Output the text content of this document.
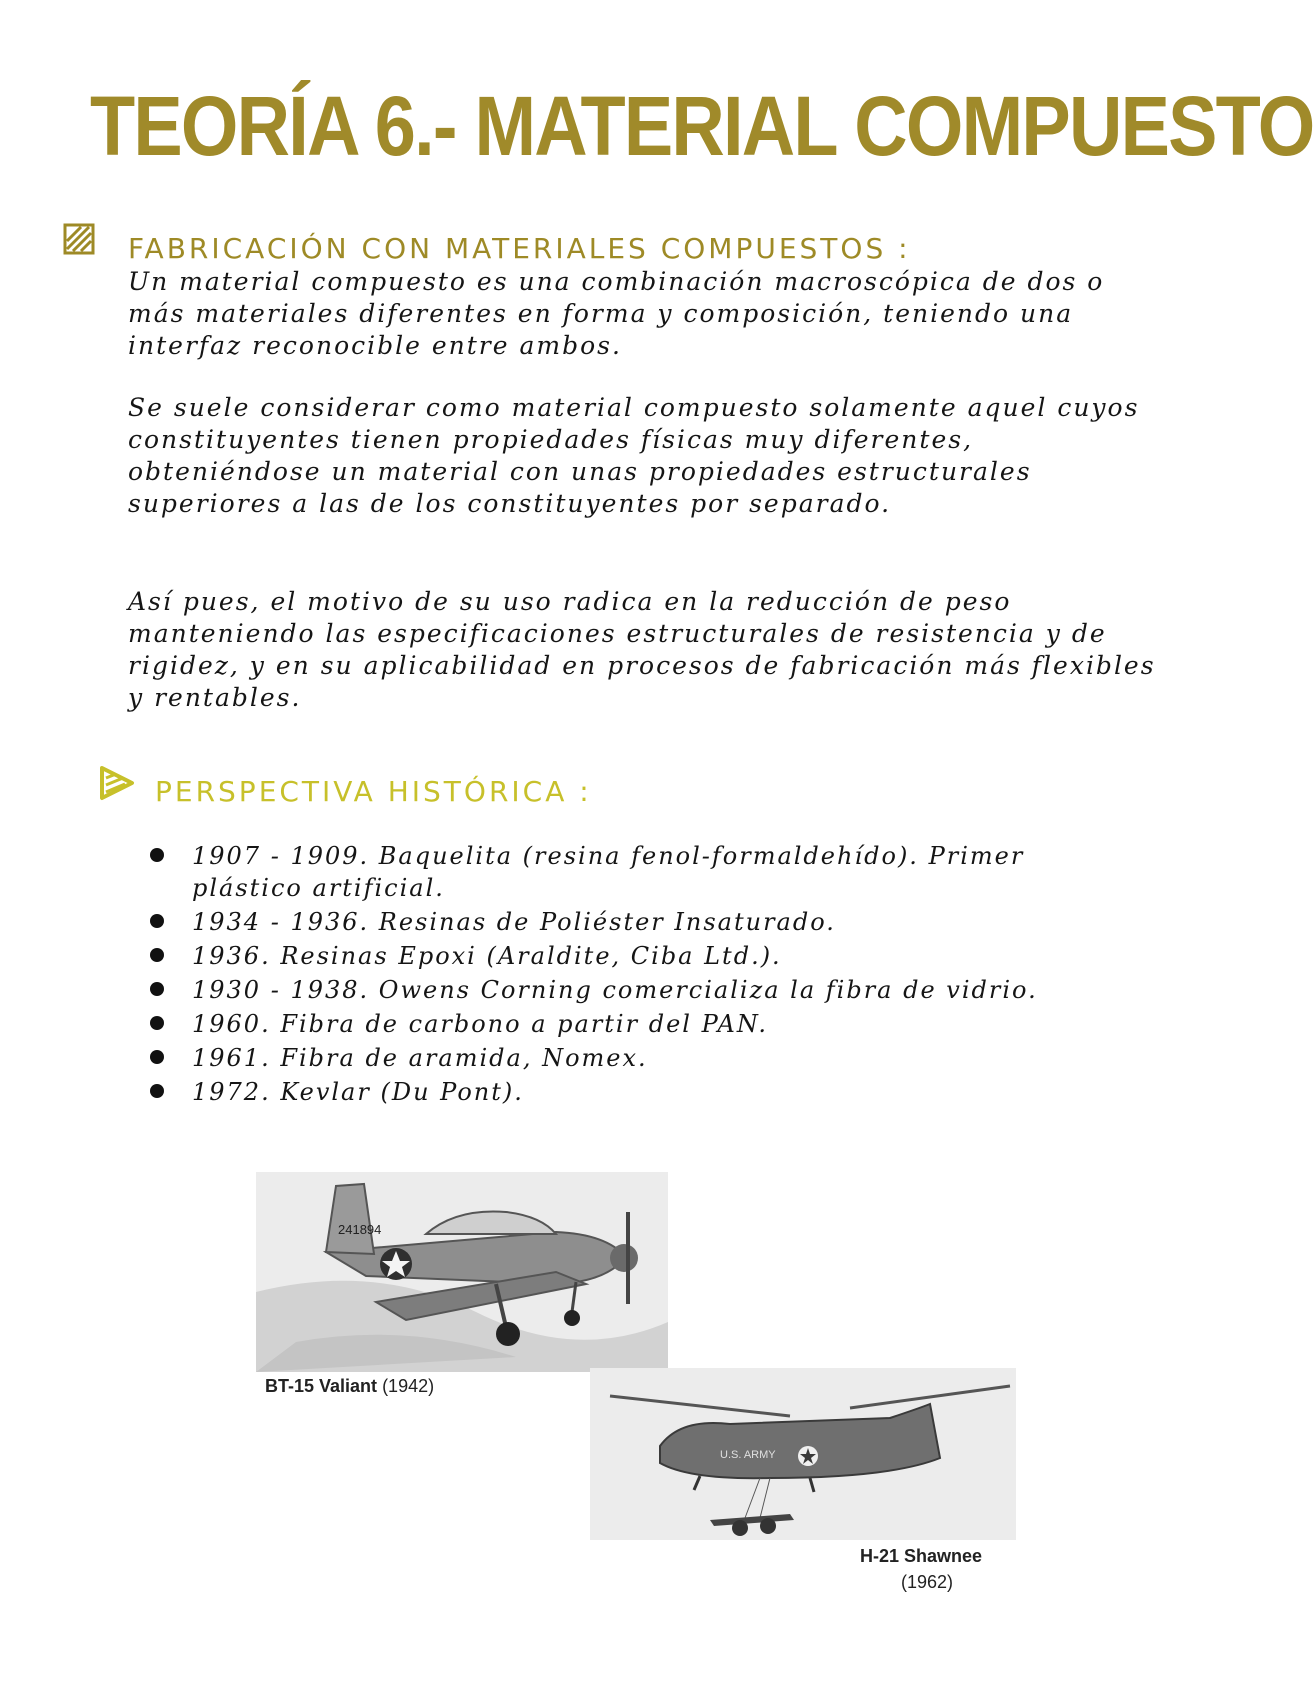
TEORÍA 6.- MATERIAL COMPUESTO
FABRICACIÓN CON MATERIALES COMPUESTOS :

Un material compuesto es una combinación macroscópica de dos o más materiales diferentes en forma y composición, teniendo una interfaz reconocible entre ambos.

Se suele considerar como material compuesto solamente aquel cuyos constituyentes tienen propiedades físicas muy diferentes, obteniéndose un material con unas propiedades estructurales superiores a las de los constituyentes por separado.

Así pues, el motivo de su uso radica en la reducción de peso manteniendo las especificaciones estructurales de resistencia y de rigidez, y en su aplicabilidad en procesos de fabricación más flexibles y rentables.

PERSPECTIVA HISTÓRICA :
1907 - 1909. Baquelita (resina fenol-formaldehído). Primer plástico artificial.
1934 - 1936. Resinas de Poliéster Insaturado.
1936. Resinas Epoxi (Araldite, Ciba Ltd.).
1930 - 1938. Owens Corning comercializa la fibra de vidrio.
1960. Fibra de carbono a partir del PAN.
1961. Fibra de aramida, Nomex.
1972. Kevlar (Du Pont).
241894
BT-15 Valiant (1942)
U.S. ARMY
H-21 Shawnee
(1962)
